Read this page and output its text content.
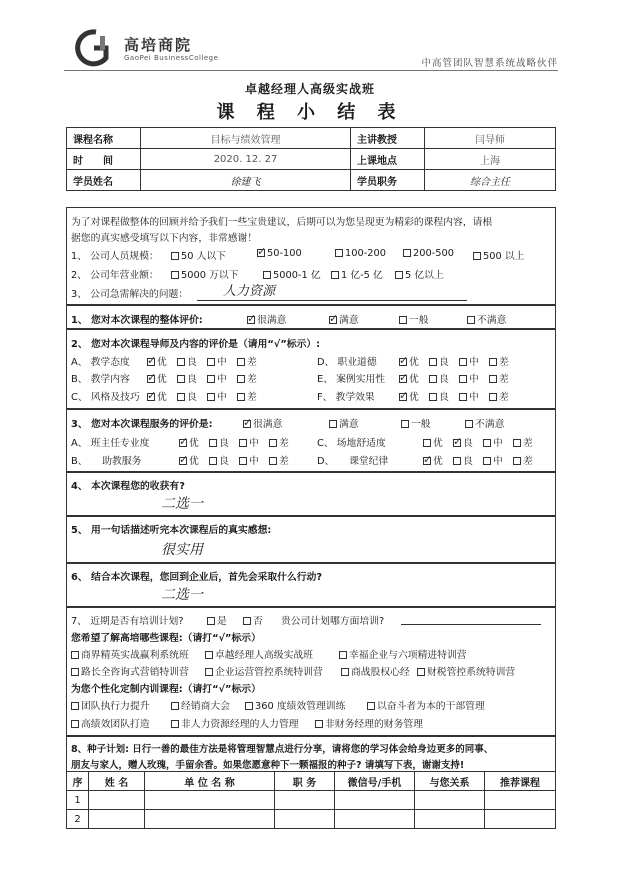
高培商院
GaoPei BusinessCollege	中高管团队智慧系统战略伙伴
卓越经理人高级实战班
课 程 小 结 表
课程名称	目标与绩效管理	主讲教授	闫导师
时　　间	2020. 12. 27	上课地点	上海
学员姓名	徐建飞	学员职务	综合主任
为了对课程做整体的回顾并给予我们一些宝贵建议，后期可以为您呈现更为精彩的课程内容，请根
据您的真实感受填写以下内容，非常感谢！
1、 公司人员规模：	50 人以下 ✓	50-100	100-200	200-500	500 以上
2、 公司年营业额：	5000 万以下	5000-1 亿	1 亿-5 亿	5 亿以上
3、 公司急需解决的问题：	人力资源
1、 您对本次课程的整体评价: ✓	很满意 ✓	满意	一般	不满意
2、 您对本次课程导师及内容的评价是（请用“√”标示）:
A、 教学态度 ✓	优	良	中	差
B、 教学内容 ✓	优	良	中	差
C、 风格及技巧 ✓	优	良	中	差
D、 职业道德 ✓	优	良	中	差
E、 案例实用性 ✓	优	良	中	差
F、 教学效果 ✓	优	良	中	差
3、 您对本次课程服务的评价是: ✓	很满意	满意	一般	不满意
A、 班主任专业度 ✓	优	良	中	差
B、　　助教服务 ✓	优	良	中	差
C、 场地舒适度	优 ✓	良	中	差
D、　　课堂纪律 ✓	优	良	中	差
4、 本次课程您的收获有?
二选一
5、 用一句话描述听完本次课程后的真实感想:
很实用
6、 结合本次课程，您回到企业后，首先会采取什么行动?
二选一
7、 近期是否有培训计划?	是	否 贵公司计划哪方面培训?
您希望了解高培哪些课程:（请打“√”标示）
商界精英实战赢利系统班	卓越经理人高级实战班	幸福企业与六项精进特训营
路长全咨询式营销特训营	企业运营管控系统特训营	商战股权心经	财税管控系统特训营
为您个性化定制内训课程:（请打“√”标示）
团队执行力提升	经销商大会	360 度绩效管理训练	以奋斗者为本的干部管理
高绩效团队打造	非人力资源经理的人力管理	非财务经理的财务管理
8、种子计划: 日行一善的最佳方法是将管理智慧点进行分享，请将您的学习体会给身边更多的同事、
朋友与家人，赠人玫瑰，手留余香。如果您愿意种下一颗福报的种子? 请填写下表，谢谢支持!
序	姓 名	单 位 名 称	职 务	微信号/手机	与您关系	推荐课程
1						
2						
